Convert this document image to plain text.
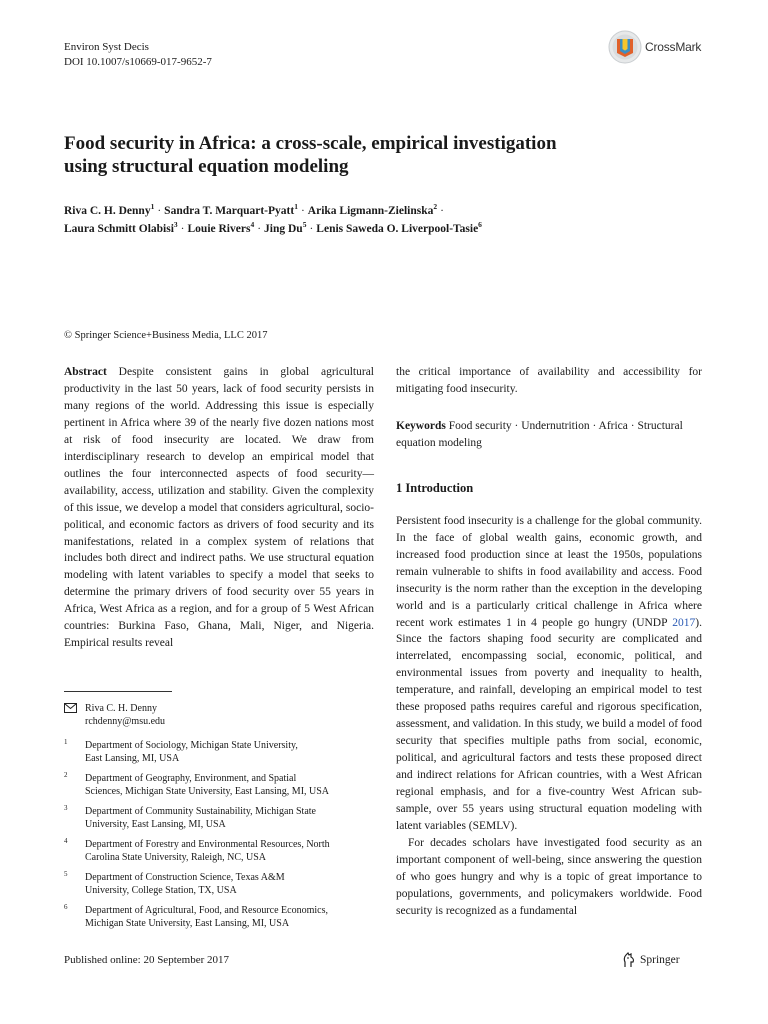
Environ Syst Decis
DOI 10.1007/s10669-017-9652-7
CrossMark
Food security in Africa: a cross-scale, empirical investigation
using structural equation modeling
Riva C. H. Denny$^1$ · Sandra T. Marquart-Pyatt$^1$ · Arika Ligmann-Zielinska$^2$ ·
Laura Schmitt Olabisi$^3$ · Louie Rivers$^4$ · Jing $Du^5$ · Lenis Saweda O. Liverpool-Tasie$^6$
© Springer Science+Business Media, LLC 2017

Abstract Despite consistent gains in global agricultural productivity in the last 50 years, lack of food security persists in many regions of the world. Addressing this issue is especially pertinent in Africa where 39 of the nearly five dozen nations most at risk of food insecurity are located. We draw from interdisciplinary research to develop an empirical model that outlines the four interconnected aspects of food security—availability, access, utilization and stability. Given the complexity of this issue, we develop a model that considers agricultural, socio-political, and economic factors as drivers of food security and its manifestations, related in a complex system of relations that includes both direct and indirect paths. We use structural equation modeling with latent variables to specify a model that seeks to determine the primary drivers of food security over 55 years in Africa, West Africa as a region, and for a group of 5 West African countries: Burkina Faso, Ghana, Mali, Niger, and Nigeria. Empirical results reveal

Riva C. H. Denny
rchdenny@msu.edu
1 Department of Sociology, Michigan State University,
East Lansing, MI, USA
2 Department of Geography, Environment, and Spatial
Sciences, Michigan State University, East Lansing, MI, USA
3 Department of Community Sustainability, Michigan State
University, East Lansing, MI, USA
4 Department of Forestry and Environmental Resources, North
Carolina State University, Raleigh, NC, USA
5 Department of Construction Science, Texas A&M
University, College Station, TX, USA
6 Department of Agricultural, Food, and Resource Economics,
Michigan State University, East Lansing, MI, USA

the critical importance of availability and accessibility for mitigating food insecurity.

Keywords Food security · Undernutrition · Africa · Structural equation modeling

1 Introduction

Persistent food insecurity is a challenge for the global community. In the face of global wealth gains, economic growth, and increased food production since at least the 1950s, populations remain vulnerable to shifts in food availability and access. Food insecurity is the norm rather than the exception in the developing world and is a particularly critical challenge in Africa where recent work estimates 1 in 4 people go hungry (UNDP 2017). Since the factors shaping food security are complicated and interrelated, encompassing social, economic, political, and environmental issues from poverty and inequality to health, temperature, and rainfall, developing an empirical model to test these proposed paths requires careful and rigorous specification, assessment, and validation. In this study, we build a model of food security that specifies multiple paths from social, economic, political, and agricultural factors and tests these proposed direct and indirect relations for African countries, with a West African regional emphasis, and for a five-country West African sub-sample, over 55 years using structural equation modeling with latent variables (SEMLV).

For decades scholars have investigated food security as an important component of well-being, since answering the question of who goes hungry and why is a topic of great importance to populations, governments, and policymakers worldwide. Food security is recognized as a fundamental

Published online: 20 September 2017	Springer
